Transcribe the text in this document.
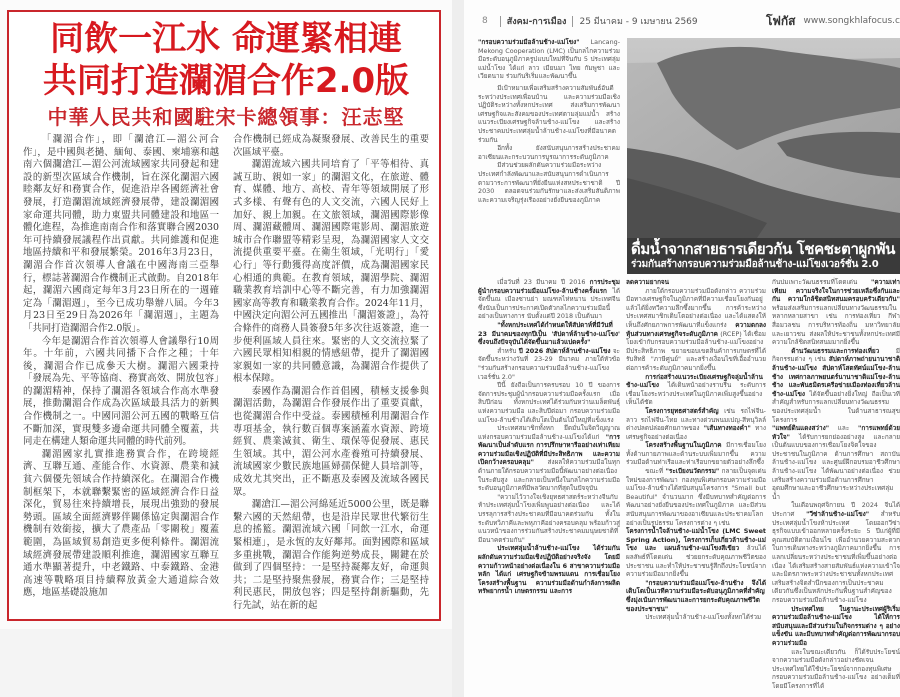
同飲一江水 命運緊相連
共同打造瀾湄合作2.0版
中華人民共和國駐宋卡總領事：汪志堅

「瀾湄合作」，即「瀾滄江—湄公河合作」，是中國與老撾、緬甸、泰國、柬埔寨和越南六個瀾滄江—湄公河流域國家共同發起和建設的新型次區域合作機制，旨在深化瀾湄六國睦鄰友好和務實合作，促進沿岸各國經濟社會發展，打造瀾湄流域經濟發展帶，建設瀾湄國家命運共同體，助力東盟共同體建設和地區一體化進程，為推進南南合作和落實聯合國2030年可持續發展議程作出貢獻。共同維護和促進地區持續和平和發展繁榮。2016年3月23日，瀾湄合作首次領導人會議在中國海南三亞舉行，標誌著瀾湄合作機制正式啟動。自2018年起，瀾湄六國商定每年3月23日所在的一週確定為「瀾湄週」，至今已成功舉辦八屆。今年3月23日至29日為2026年「瀾湄週」，主題為「共同打造瀾湄合作2.0版」。

今年是瀾湄合作首次領導人會議舉行10周年。十年前，六國共同播下合作之種；十年後，瀾湄合作已成參天大樹。瀾湄六國秉持「發展為先、平等協商、務實高效、開放包容」的瀾湄精神，保持了瀾湄各領域合作高水準發展，推動瀾湄合作成為次區域最具活力的新興合作機制之一。中國同湄公河五國的戰略互信不斷加深，實現雙多邊命運共同體全覆蓋，共同走在構建人類命運共同體的時代前列。

瀾湄國家扎實推進務實合作，在跨境經濟、互聯互通、產能合作、水資源、農業和減貧六個優先領域合作持續深化。在瀾湄合作機制框架下，本就聯繫緊密的區域經濟合作日益深化，貿易往來持續增長，展現出強勁的發展勢頭。區域全面經濟夥伴關係協定與瀾湄合作機制有效銜接，擴大了農產品「零關稅」覆蓋範圍，為區域貿易創造更多便利條件。瀾湄流域經濟發展帶建設順利推進，瀾湄國家互聯互通水準顯著提升，中老鐵路、中泰鐵路、金港高速等戰略項目持續釋放黃金大通道綜合效應，地區基礎設施加

合作機制已經成為凝聚發展、改善民生的重要次區域平臺。

瀾湄流域六國共同培育了「平等相待、真誠互助、親如一家」的瀾湄文化，在旅遊、體育、媒體、地方、高校、青年等領域開展了形式多樣、有聲有色的人文交流，六國人民好上加好、親上加親。在文旅領域，瀾湄國際影像周、瀾湄藏體周、瀾湄國際電影周、瀾湄旅遊城市合作聯盟等精彩呈現，為瀾湄國家人文交流提供重要平臺。在衛生領域，「光明行」「愛心行」等行動獲得高度評價，成為瀾湄國家民心相通的典範。在教育領域，瀾湄學院、瀾湄職業教育培訓中心等不斷完善，有力加強瀾湄國家高等教育和職業教育合作。2024年11月，中國決定向湄公河五國推出「瀾湄簽證」，為符合條件的商務人員簽發5年多次往返簽證，進一步便利區域人員往來。緊密的人文交流拉緊了六國民眾相知相親的情感紐帶，提升了瀾湄國家親如一家的共同體意識，為瀾湄合作提供了根本保障。

泰國作為瀾湄合作首倡國，積極支援參與瀾湄活動，為瀾湄合作發展作出了重要貢獻，也從瀾湄合作中受益。泰國積極利用瀾湄合作專項基金，執行數百個專案涵蓋水資源、跨境經貿、農業減貧、衛生、環保等促發展、惠民生領域。其中，湄公河水產養殖可持續發展、流域國家少數民族地區婦孺保健人員培訓等，成效尤其突出，正不斷惠及泰國及流域各國民眾。

瀾滄江—湄公河綿延近5000公里，既是聯繫六國的天然紐帶，也是沿岸民眾世代繁衍生息的搖籃。瀾湄流域六國「同飲一江水，命運緊相連」，是永恆的友好鄰邦。面對國際和區域多重挑戰，瀾湄合作能夠逆勢成長，關鍵在於做到了四個堅持：一是堅持凝鄰友好，命運與共；二是堅持聚焦發展，務實合作；三是堅持利民惠民，開放包容；四是堅持創新驅動，先行先試，站在新的起

8 สังคม-การเมือง 25 มีนาคม - 9 เมษายน 2569	โฟกัส www.songkhlafocus.c

"กรอบความร่วมมือล้านช้าง-แม่โขง" Lancang-Mekong Cooperation (LMC) เป็นกลไกความร่วมมือระดับอนุภูมิภาครูปแบบใหม่ที่จีนกับ 5 ประเทศลุ่มแม่น้ำโขง ได้แก่ ลาว เมียนมา ไทย กัมพูชา และเวียดนาม ร่วมกันริเริ่มและพัฒนาขึ้น

มีเป้าหมายเพื่อเสริมสร้างความสัมพันธ์อันดีระหว่างประเทศเพื่อนบ้าน และความร่วมมือเชิงปฏิบัติระหว่างทั้งหกประเทศ ส่งเสริมการพัฒนาเศรษฐกิจและสังคมของประเทศตามลุ่มแม่น้ำ สร้างแนวระเบียงเศรษฐกิจล้านช้าง-แม่โขง และสร้างประชาคมประเทศลุ่มน้ำล้านช้าง-แม่โขงที่มีอนาคตร่วมกัน

อีกทั้ง ยังสนับสนุนการสร้างประชาคมอาเซียนและกระบวนการบูรณาการระดับภูมิภาค

มีส่วนช่วยผลักดันความร่วมมือระหว่างประเทศกำลังพัฒนาและสนับสนุนการดำเนินการตามวาระการพัฒนาที่ยั่งยืนแห่งสหประชาชาติ ปี 2030 ตลอดจนร่วมกันรักษาและส่งเสริมสันติภาพและความเจริญรุ่งเรืองอย่างยั่งยืนของภูมิภาค

ดื่มน้ำจากสายธารเดียวกัน โชคชะตาผูกพัน
ร่วมกันสร้างกรอบความร่วมมือล้านช้าง-แม่โขงเวอร์ชั่น 2.0

เมื่อวันที่ 23 มีนาคม ปี 2016 การประชุมผู้นำกรอบความร่วมมือแม่โขง-ล้านช้างครั้งแรก ได้จัดขึ้นณ เมืองซานย่า มณฑลไห่หนาน ประเทศจีน ซึ่งนับเป็นการประกาศเปิดตัวกลไกความร่วมมือนี้อย่างเป็นทางการ นับตั้งแต่ปี 2018 เป็นต้นมา

"ทั้งหกประเทศได้กำหนดให้สัปดาห์ที่มีวันที่ 23 มีนาคมของทุกปีเป็น 'สัปดาห์ล้านช้าง-แม่โขง' ซึ่งจนถึงปัจจุบันได้จัดขึ้นมาแล้วแปดครั้ง"

สำหรับ ปี 2026 สัปดาห์ล้านช้าง-แม่โขง จะจัดขึ้นระหว่างวันที่ 23-29 มีนาคม ภายใต้หัวข้อ "ร่วมกันสร้างกรอบความร่วมมือล้านช้าง-แม่โขงเวอร์ชั่น 2.0"

ปีนี้ ยังถือเป็นการครบรอบ 10 ปี ของการจัดการประชุมผู้นำกรอบความร่วมมือครั้งแรก เมื่อสิบปีก่อน ทั้งหกประเทศได้ร่วมกันหว่านเมล็ดพันธุ์แห่งความร่วมมือ และสิบปีต่อมา กรอบความร่วมมือแม่โขง-ล้านช้างได้เติบโตเป็นต้นไม้ใหญ่ที่แข็งแรง

ประเทศสมาชิกทั้งหก ยึดมั่นในจิตวิญญาณแห่งกรอบความร่วมมือล้านช้าง-แม่โขงได้แก่ "การพัฒนาเป็นลำดับแรก การปรึกษาหารืออย่างเท่าเทียม ความร่วมมือเชิงปฏิบัติที่มีประสิทธิภาพ และความเปิดกว้างครอบคลุม" ส่งผลให้ความร่วมมือในทุกด้านภายใต้กรอบความร่วมมือนี้พัฒนาอย่างต่อเนื่องในระดับสูง และกลายเป็นหนึ่งในกลไกความร่วมมือระดับอนุภูมิภาคที่มีพลวัตมากที่สุดในปัจจุบัน

"ความไว้วางใจเชิงยุทธศาสตร์ระหว่างจีนกับห้าประเทศลุ่มน้ำโขงเพิ่มพูนอย่างต่อเนื่อง และได้บรรลุการสร้างประชาคมที่มีอนาคตร่วมกัน ทั้งในระดับทวิภาคีและพหุภาคีอย่างครอบคลุม พร้อมก้าวสู่แนวหน้าของการร่วมกันสร้างประชาคมมนุษยชาติที่มีอนาคตร่วมกัน"

ประเทศลุ่มน้ำล้านช้าง-แม่โขง ได้ร่วมกันผลักดันความร่วมมือเชิงปฏิบัติอย่างจริงจัง โดยมีความก้าวหน้าอย่างต่อเนื่องใน 6 สาขาความร่วมมือหลัก ได้แก่ เศรษฐกิจข้ามพรมแดน การเชื่อมโยงโครงสร้างพื้นฐาน ความร่วมมือด้านกำลังการผลิต ทรัพยากรน้ำ เกษตรกรรม และการ

ลดความยากจน

ภายใต้กรอบความร่วมมือดังกล่าว ความร่วมมือทางเศรษฐกิจในภูมิภาคที่มีความเชื่อมโยงกันอยู่แล้วได้ยิ่งทวีความลึกซึ้งมากขึ้น การค้าระหว่างประเทศสมาชิกเติบโตอย่างต่อเนื่อง และได้แสดงให้เห็นถึงศักยภาพการพัฒนาที่แข็งแกร่ง ความตกลงหุ้นส่วนทางเศรษฐกิจระดับภูมิภาค (RCEP) ได้เชื่อมโยงเข้ากับกรอบความร่วมมือล้านช้าง-แม่โขงอย่างมีประสิทธิภาพ ขยายขอบเขตสินค้าการเกษตรที่ได้รับสิทธิ "ภาษีศูนย์" และสร้างเงื่อนไขที่เอื้ออำนวยต่อการค้าระดับภูมิภาคมากยิ่งขึ้น

การก่อสร้างแนวระเบียงเศรษฐกิจลุ่มน้ำล้านช้าง-แม่โขง ได้เดินหน้าอย่างราบรื่น ระดับการเชื่อมโยงระหว่างประเทศในภูมิภาคเพิ่มสูงขึ้นอย่างเห็นได้ชัด

โครงการยุทธศาสตร์สำคัญ เช่น รถไฟจีน-ลาว รถไฟจีน-ไทย และทางด่วนพนมเปญ-สีหนุวิลล์ ต่างปลดปล่อยศักยภาพของ "เส้นทางทองคำ" ทางเศรษฐกิจอย่างต่อเนื่อง

โครงสร้างพื้นฐานในภูมิภาค มีการเชื่อมโยงทั้งด้านกายภาพและด้านระบบเพิ่มมากขึ้น ความร่วมมือด้านท่าเรือและท่าเรือบกขยายตัวอย่างลึกซึ้ง

ขณะที่ "ระเบียงนวัตกรรม" กลายเป็นจุดเด่นใหม่ของการพัฒนา กองทุนพิเศษกรอบความร่วมมือแม่โขง-ล้านช้างได้สนับสนุนโครงการ "Small but Beautiful" จำนวนมาก ซึ่งมีบทบาทสำคัญต่อการพัฒนาอย่างยั่งยืนของประเทศในภูมิภาค และมีส่วนสนับสนุนการพัฒนาของอาเซียนและประชาคมโลกอย่างเป็นรูปธรรม โครงการต่าง ๆ เช่น

โครงการน้ำใจล้านช้าง-แม่น้ำโขง (LMC Sweet Spring Action), โครงการเก็บเกี่ยวล้านช้าง-แม่โขง และ แผนล้านช้าง-แม่โขงสีเขียว ล้วนได้ผลลัพธ์ที่โดดเด่น ช่วยยกระดับคุณภาพชีวิตของประชาชน และทำให้ประชาชนรู้สึกถึงประโยชน์จากความร่วมมือมากยิ่งขึ้น

"กรอบความร่วมมือแม่โขง-ล้านช้าง จึงได้เติบโตเป็นเวทีความร่วมมือระดับอนุภูมิภาคที่สำคัญซึ่งมุ่งเน้นการพัฒนาและการยกระดับคุณภาพชีวิตของประชาชน"

ประเทศลุ่มน้ำล้านช้าง-แม่โขงทั้งหกได้ร่วม

กันบ่มเพาะวัฒนธรรมที่โดดเด่น "ความเท่าเทียม ความจริงใจในการช่วยเหลือซึ่งกันและกัน ความใกล้ชิดสนิทสนมครอบครัวเดียวกัน" พร้อมส่งเสริมการแลกเปลี่ยนทางวัฒนธรรมในหลากหลายสาขา เช่น การท่องเที่ยว กีฬา สื่อมวลชน การบริหารท้องถิ่น มหาวิทยาลัย และเยาวชน ส่งผลให้ประชาชนทั้งหกประเทศมีความใกล้ชิดสนิทสนมมากยิ่งขึ้น

ด้านวัฒนธรรมและการท่องเที่ยว มีกิจกรรมต่าง ๆ เช่น สัปดาห์ภาพถ่ายนานาชาติล้านช้าง-แม่โขง สัปดาห์โสตทัศน์แม่โขง-ล้านช้าง เทศกาลภาพยนตร์นานาชาติแม่โขง-ล้านช้าง และพันธมิตรเครือข่ายเมืองท่องเที่ยวล้านช้าง-แม่โขง ได้จัดขึ้นอย่างยิ่งใหญ่ ถือเป็นเวทีสำคัญสำหรับการแลกเปลี่ยนทางวัฒนธรรมของประเทศลุ่มน้ำ ในด้านสาธารณสุข โครงการ

"แพทย์ดินแดงสว่าง" และ "การแพทย์ด้วยหัวใจ" ได้รับการยกย่องอย่างสูง และกลายเป็นต้นแบบของการเชื่อมโยงจิตใจของประชาชนในภูมิภาค ด้านการศึกษา สถาบันล้านช้าง-แม่โขง และศูนย์ฝึกอบรมอาชีวศึกษาล้านช้าง-แม่โขง ได้พัฒนาอย่างต่อเนื่อง ช่วยเสริมสร้างความร่วมมือด้านการศึกษาอุดมศึกษาและอาชีวศึกษาระหว่างประเทศลุ่มน้ำ

ในเดือนพฤศจิกายน ปี 2024 จีนได้ประกาศ "วีซ่าล้านช้าง-แม่โขง" สำหรับประเทศลุ่มน้ำโขงห้าประเทศ โดยออกวีซ่าธุรกิจแบบเข้าออกหลายครั้งระยะ 5 ปีแก่ผู้ที่มีคุณสมบัติตามเงื่อนไข เพื่ออำนวยความสะดวกในการเดินทางระหว่างภูมิภาคมากยิ่งขึ้น การแลกเปลี่ยนระหว่างประชาชนที่เพิ่มขึ้นอย่างต่อเนื่อง ได้เสริมสร้างสายสัมพันธ์แห่งความเข้าใจและมิตรภาพระหว่างประชาชนทั้งหกประเทศ เสริมสร้างจิตสำนึกของการเป็นประชาคมเดียวกันซึ่งเป็นหลักประกันพื้นฐานสำคัญของกรอบความร่วมมือล้านช้าง-แม่โขง

ประเทศไทย ในฐานะประเทศผู้ริเริ่มความร่วมมือล้านช้าง-แม่โขง ได้ให้การสนับสนุนและมีส่วนร่วมในกิจกรรมต่าง ๆ อย่างแข็งขัน และมีบทบาทสำคัญต่อการพัฒนากรอบความร่วมมือ

และในขณะเดียวกัน ก็ได้รับประโยชน์จากความร่วมมือดังกล่าวอย่างชัดเจน ประเทศไทยได้ใช้ประโยชน์จากกองทุนพิเศษกรอบความร่วมมือล้านช้าง-แม่โขง อย่างเต็มที่ โดยมีโครงการที่ได้
